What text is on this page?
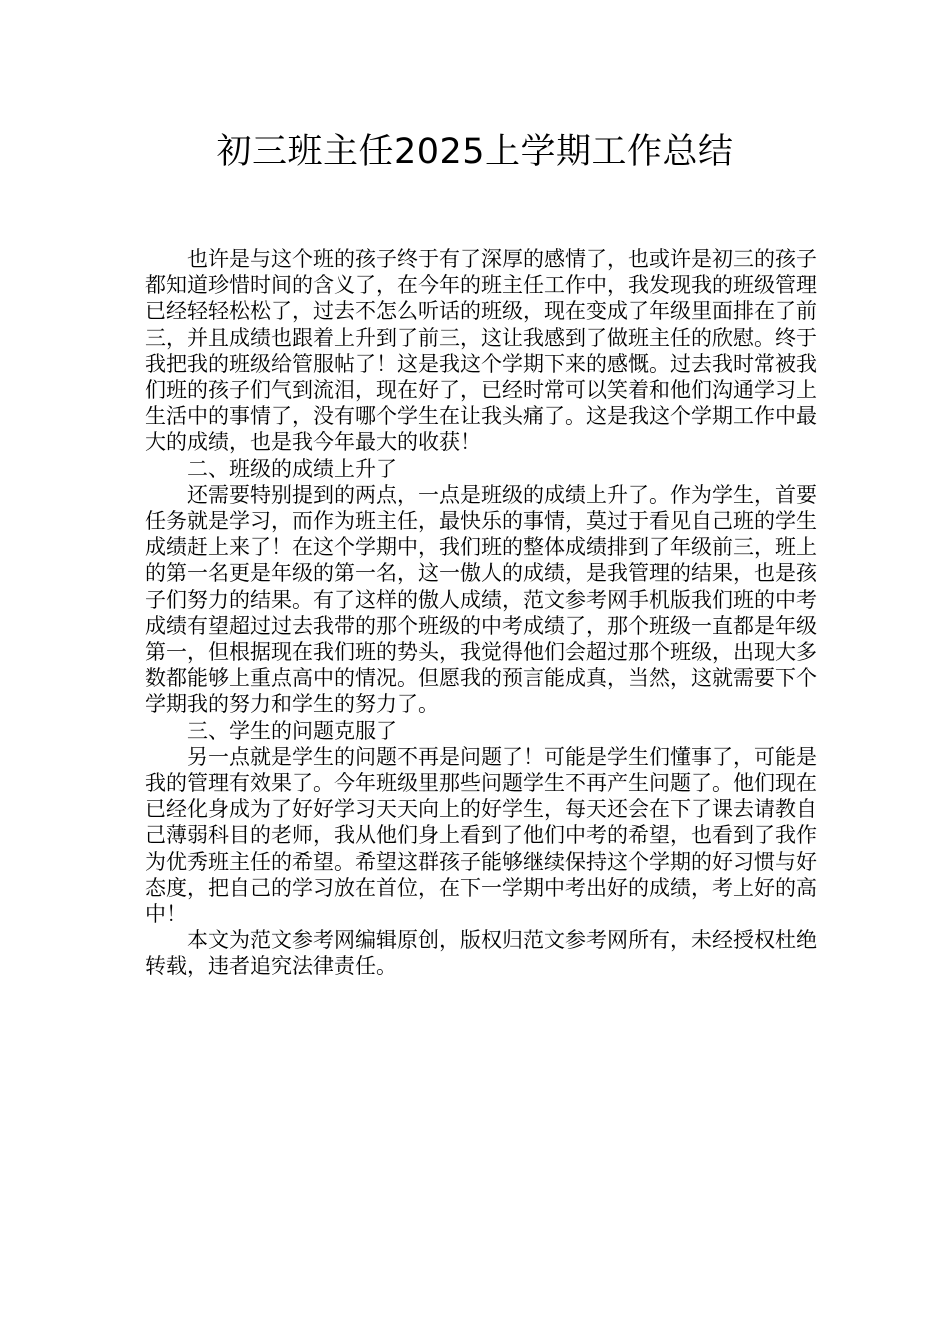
初三班主任2025上学期工作总结

也许是与这个班的孩子终于有了深厚的感情了，也或许是初三的孩子都知道珍惜时间的含义了，在今年的班主任工作中，我发现我的班级管理已经轻轻松松了，过去不怎么听话的班级，现在变成了年级里面排在了前三，并且成绩也跟着上升到了前三，这让我感到了做班主任的欣慰。终于我把我的班级给管服帖了！这是我这个学期下来的感慨。过去我时常被我们班的孩子们气到流泪，现在好了，已经时常可以笑着和他们沟通学习上生活中的事情了，没有哪个学生在让我头痛了。这是我这个学期工作中最大的成绩，也是我今年最大的收获！

二、班级的成绩上升了

还需要特别提到的两点，一点是班级的成绩上升了。作为学生，首要任务就是学习，而作为班主任，最快乐的事情，莫过于看见自己班的学生成绩赶上来了！在这个学期中，我们班的整体成绩排到了年级前三，班上的第一名更是年级的第一名，这一傲人的成绩，是我管理的结果，也是孩子们努力的结果。有了这样的傲人成绩，范文参考网手机版我们班的中考成绩有望超过过去我带的那个班级的中考成绩了，那个班级一直都是年级第一，但根据现在我们班的势头，我觉得他们会超过那个班级，出现大多数都能够上重点高中的情况。但愿我的预言能成真，当然，这就需要下个学期我的努力和学生的努力了。

三、学生的问题克服了

另一点就是学生的问题不再是问题了！可能是学生们懂事了，可能是我的管理有效果了。今年班级里那些问题学生不再产生问题了。他们现在已经化身成为了好好学习天天向上的好学生，每天还会在下了课去请教自己薄弱科目的老师，我从他们身上看到了他们中考的希望，也看到了我作为优秀班主任的希望。希望这群孩子能够继续保持这个学期的好习惯与好态度，把自己的学习放在首位，在下一学期中考出好的成绩，考上好的高中！

本文为范文参考网编辑原创，版权归范文参考网所有，未经授权杜绝转载，违者追究法律责任。
